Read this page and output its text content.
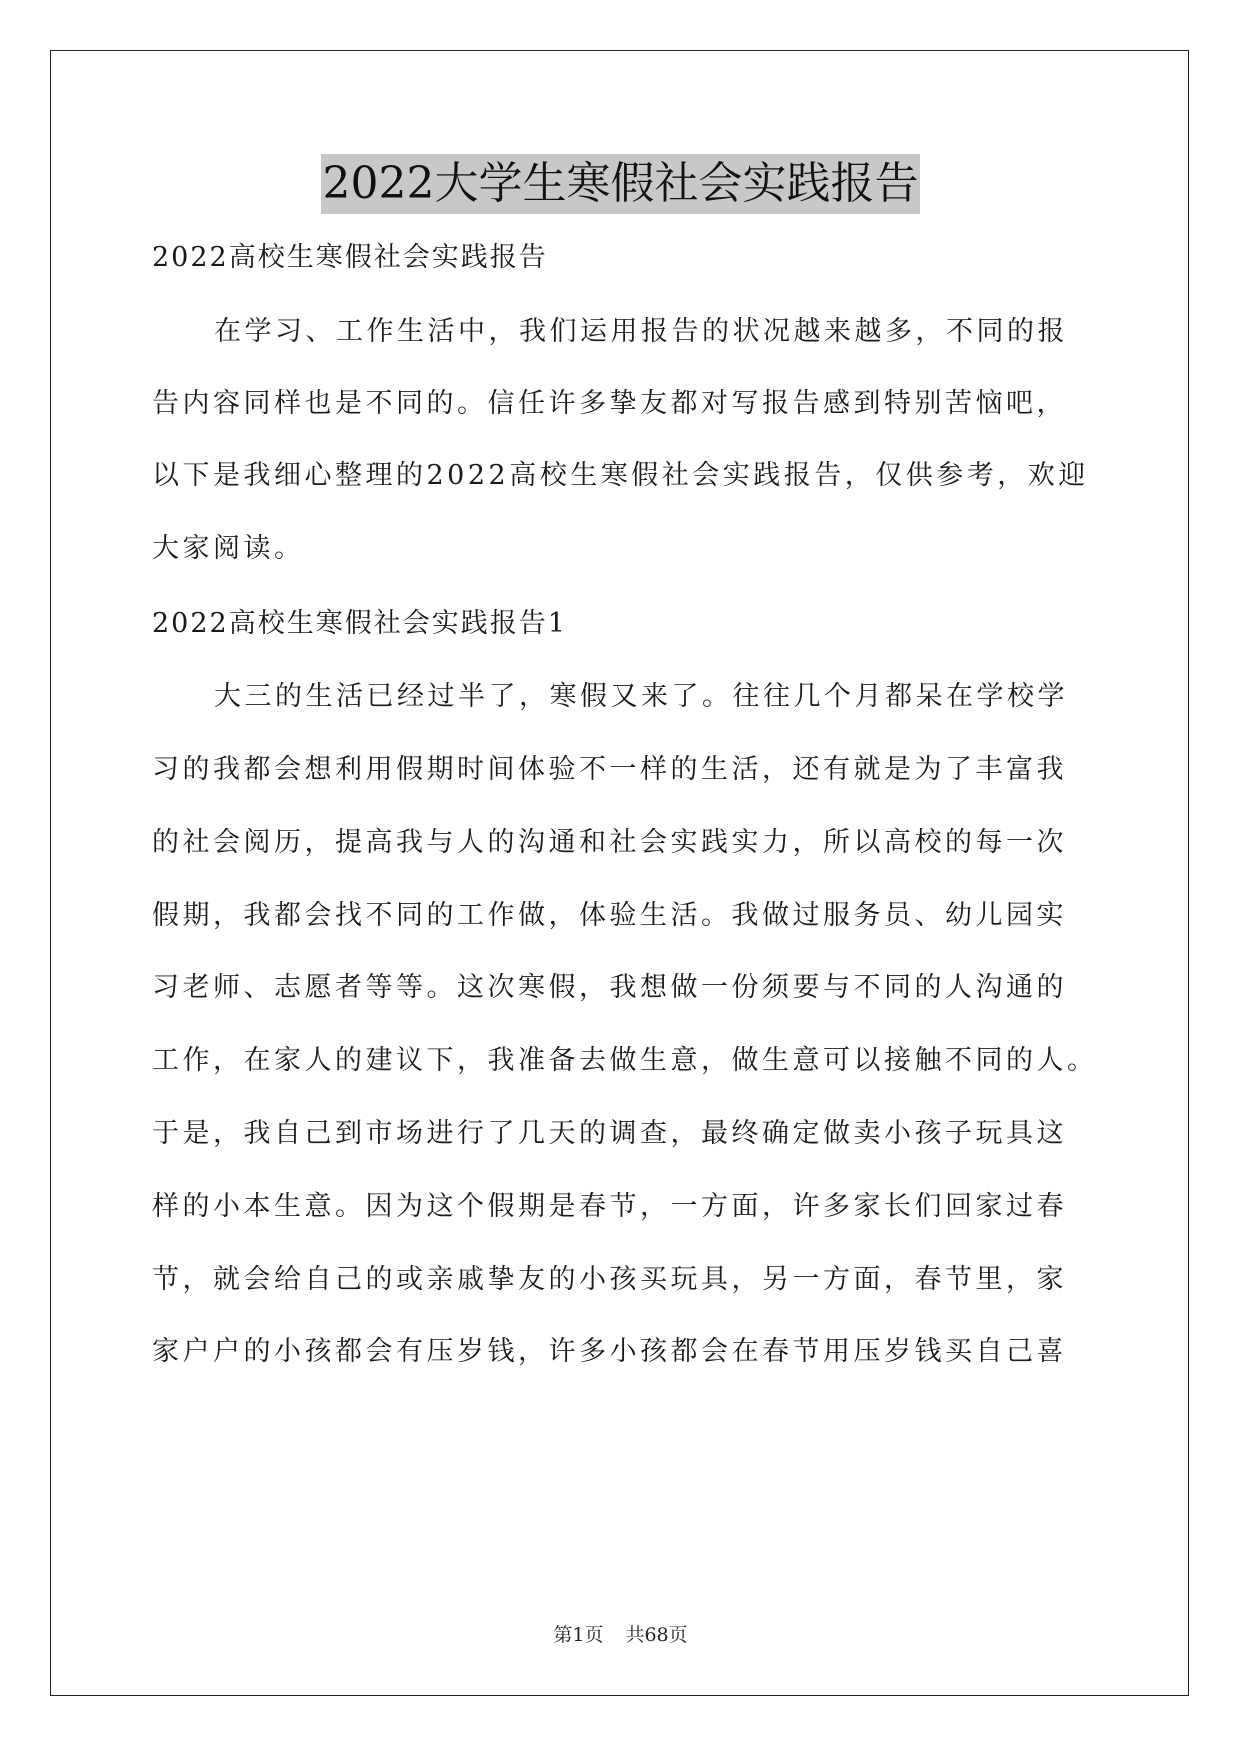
2022大学生寒假社会实践报告
2022高校生寒假社会实践报告
在学习、工作生活中，我们运用报告的状况越来越多，不同的报
告内容同样也是不同的。信任许多挚友都对写报告感到特别苦恼吧，
以下是我细心整理的2022高校生寒假社会实践报告，仅供参考，欢迎
大家阅读。
2022高校生寒假社会实践报告1
大三的生活已经过半了，寒假又来了。往往几个月都呆在学校学
习的我都会想利用假期时间体验不一样的生活，还有就是为了丰富我
的社会阅历，提高我与人的沟通和社会实践实力，所以高校的每一次
假期，我都会找不同的工作做，体验生活。我做过服务员、幼儿园实
习老师、志愿者等等。这次寒假，我想做一份须要与不同的人沟通的
工作，在家人的建议下，我准备去做生意，做生意可以接触不同的人。
于是，我自己到市场进行了几天的调查，最终确定做卖小孩子玩具这
样的小本生意。因为这个假期是春节，一方面，许多家长们回家过春
节，就会给自己的或亲戚挚友的小孩买玩具，另一方面，春节里，家
家户户的小孩都会有压岁钱，许多小孩都会在春节用压岁钱买自己喜
第1页 共68页
